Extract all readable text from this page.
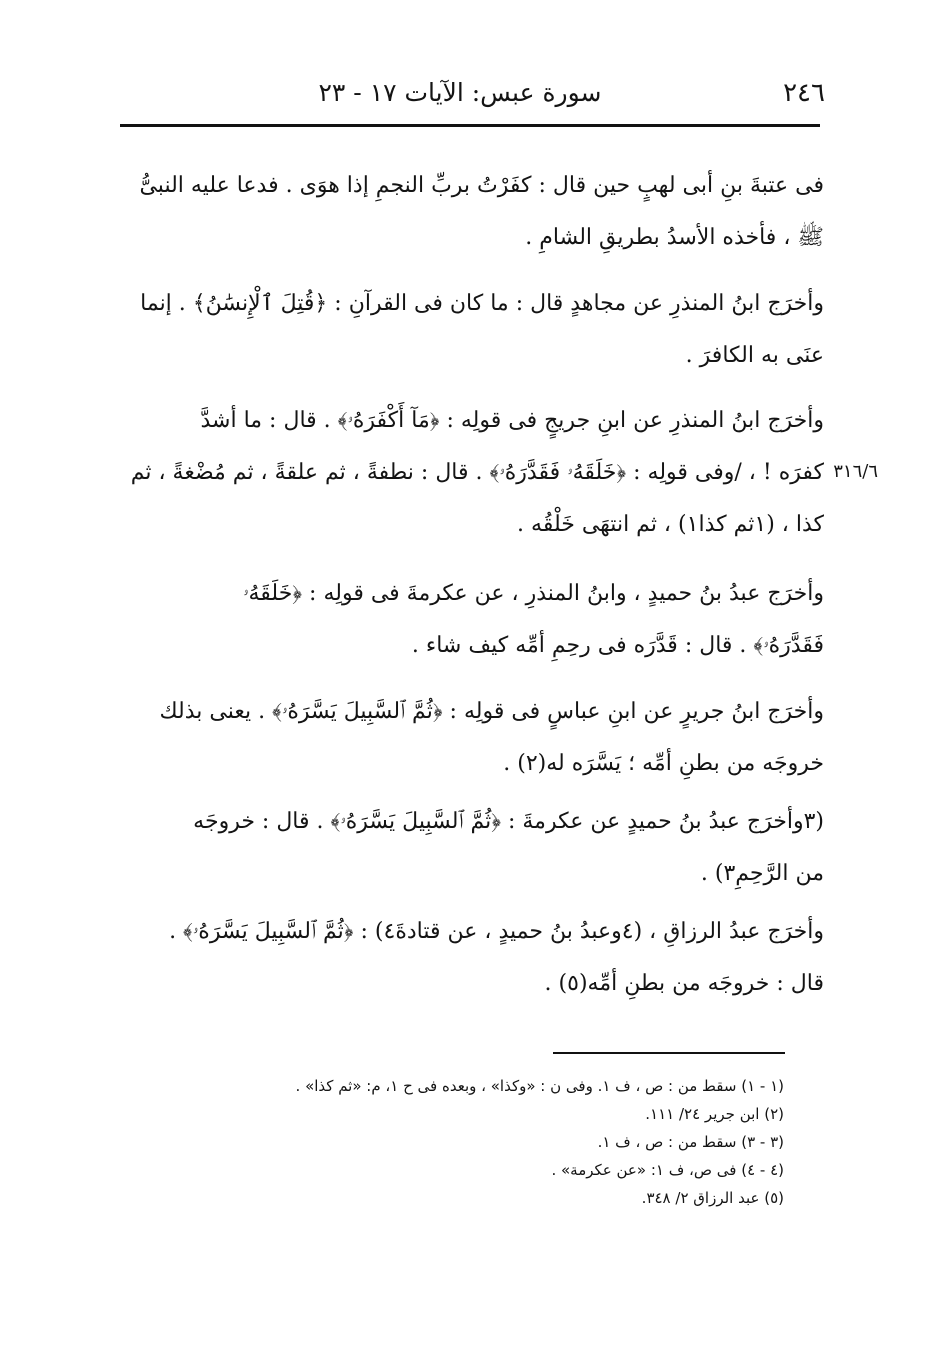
٢٤٦
سورة عبس: الآيات ١٧ - ٢٣
٣١٦/٦
فى عتبةَ بنِ أبى لهبٍ حين قال : كفَرْتُ بربِّ النجمِ إذا هوَى . فدعا عليه النبىُّ
ﷺ ، فأخذه الأسدُ بطريقِ الشامِ .
وأخرَج ابنُ المنذرِ عن مجاهدٍ قال : ما كان فى القرآنِ : ﴿قُتِلَ ٱلْإِنسَٰنُ﴾ . إنما
عنَى به الكافرَ .
وأخرَج ابنُ المنذرِ عن ابنِ جريجٍ فى قولِه : ﴿مَآ أَكْفَرَهُۥ﴾ . قال : ما أشدَّ
كفرَه ! ، /وفى قولِه : ﴿خَلَقَهُۥ فَقَدَّرَهُۥ﴾ . قال : نطفةً ، ثم علقةً ، ثم مُضْغةً ، ثم
كذا ، (١ثم كذا١) ، ثم انتهَى خَلْقُه .
وأخرَج عبدُ بنُ حميدٍ ، وابنُ المنذرِ ، عن عكرمةَ فى قولِه : ﴿خَلَقَهُۥ
فَقَدَّرَهُۥ﴾ . قال : قَدَّرَه فى رحِمِ أمِّه كيف شاء .
وأخرَج ابنُ جريرٍ عن ابنِ عباسٍ فى قولِه : ﴿ثُمَّ ٱلسَّبِيلَ يَسَّرَهُۥ﴾ . يعنى بذلك
خروجَه من بطنِ أمِّه ؛ يَسَّرَه له(٢) .
(٣وأخرَج عبدُ بنُ حميدٍ عن عكرمةَ : ﴿ثُمَّ ٱلسَّبِيلَ يَسَّرَهُۥ﴾ . قال : خروجَه
من الرَّحِمِ٣) .
وأخرَج عبدُ الرزاقِ ، (٤وعبدُ بنُ حميدٍ ، عن قتادةَ٤) : ﴿ثُمَّ ٱلسَّبِيلَ يَسَّرَهُۥ﴾ .
قال : خروجَه من بطنِ أمِّه(٥) .
(١ - ١) سقط من : ص ، ف ١. وفى ن : «وكذا» ، وبعده فى ح ١، م: «ثم كذا» .
(٢) ابن جرير ٢٤/ ١١١.
(٣ - ٣) سقط من : ص ، ف ١.
(٤ - ٤) فى ص، ف ١: «عن عكرمة» .
(٥) عبد الرزاق ٢/ ٣٤٨.
